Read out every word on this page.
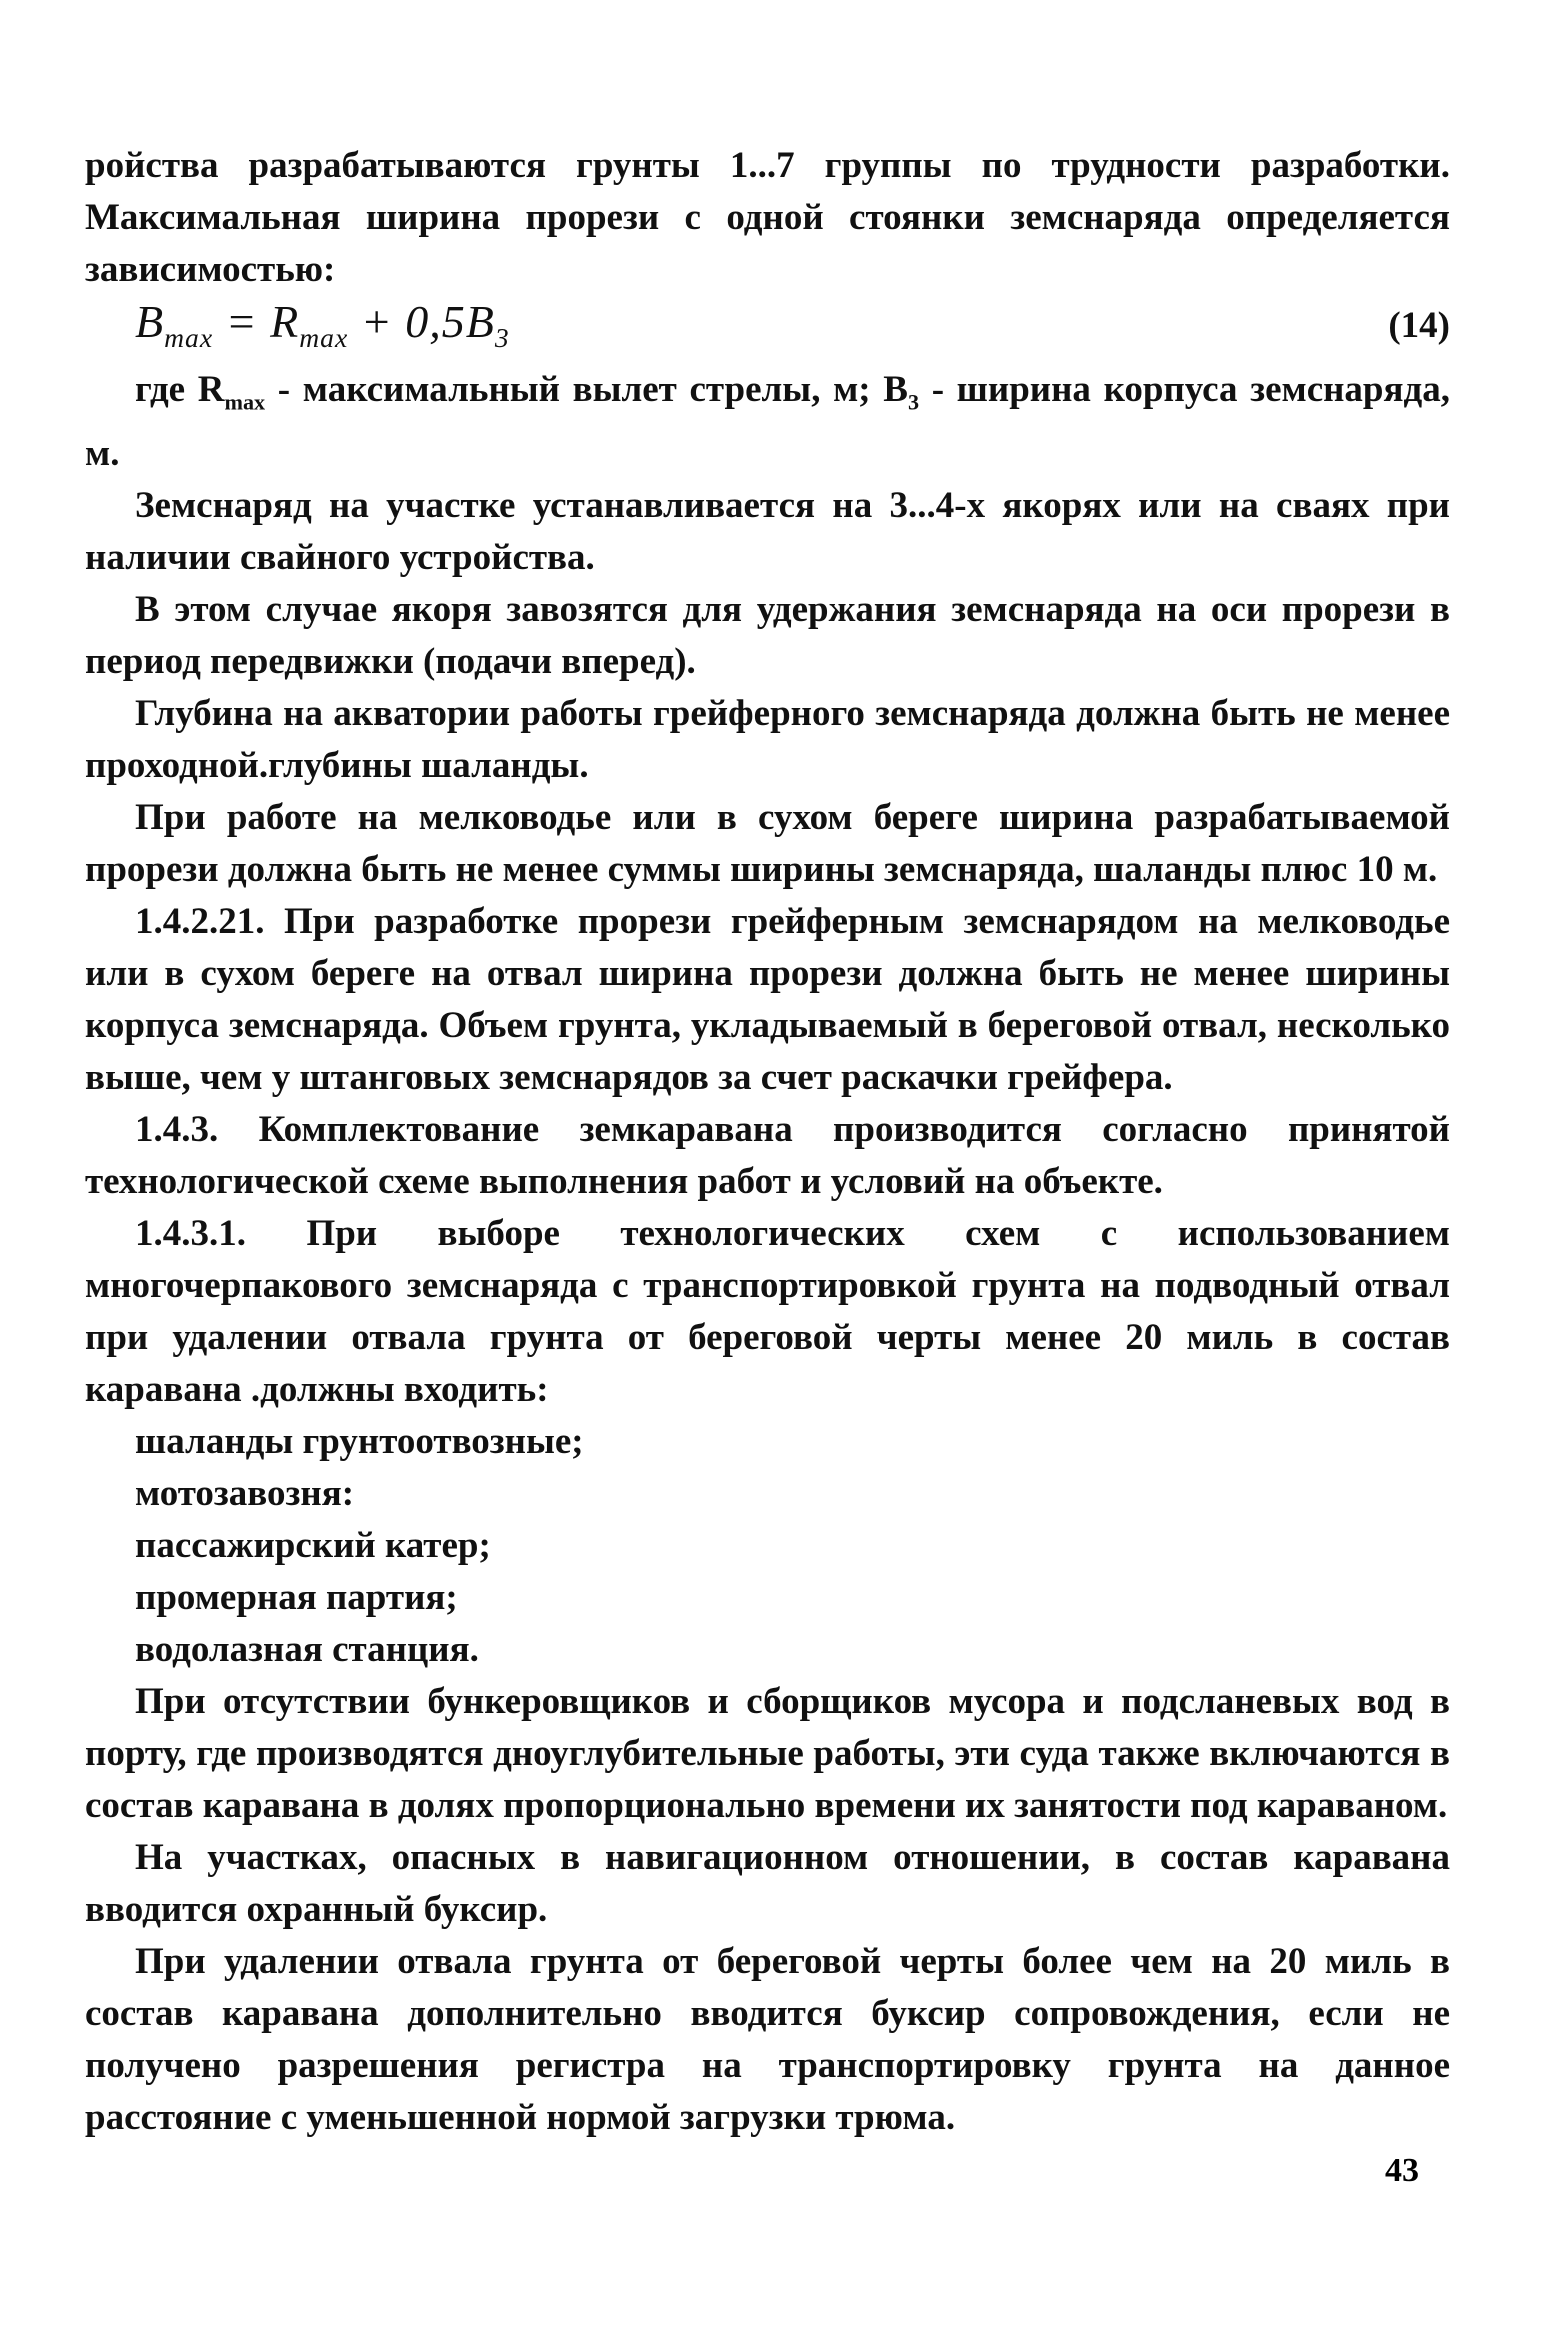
ройства разрабатываются грунты 1...7 группы по трудности разработки. Максимальная ширина прорези с одной стоянки земснаряда определяется зависимостью:

$B_{max} = R_{max} + 0,5B_3$	(14)

где $R_{max}$ - максимальный вылет стрелы, м; $B_3$ - ширина корпуса земснаряда, м.

Земснаряд на участке устанавливается на 3...4-х якорях или на сваях при наличии свайного устройства.

В этом случае якоря завозятся для удержания земснаряда на оси прорези в период передвижки (подачи вперед).

Глубина на акватории работы грейферного земснаряда должна быть не менее проходной.глубины шаланды.

При работе на мелководье или в сухом береге ширина разрабатываемой прорези должна быть не менее суммы ширины земснаряда, шаланды плюс 10 м.

1.4.2.21. При разработке прорези грейферным земснарядом на мелководье или в сухом береге на отвал ширина прорези должна быть не менее ширины корпуса земснаряда. Объем грунта, укладываемый в береговой отвал, несколько выше, чем у штанговых земснарядов за счет раскачки грейфера.

1.4.3. Комплектование земкаравана производится согласно принятой технологической схеме выполнения работ и условий на объекте.

1.4.3.1. При выборе технологических схем с использованием многочерпакового земснаряда с транспортировкой грунта на подводный отвал при удалении отвала грунта от береговой черты менее 20 миль в состав каравана .должны входить:

шаланды грунтоотвозные;
мотозавозня:
пассажирский катер;
промерная партия;
водолазная станция.

При отсутствии бункеровщиков и сборщиков мусора и подсланевых вод в порту, где производятся дноуглубительные работы, эти суда также включаются в состав каравана в долях пропорционально времени их занятости под караваном.

На участках, опасных в навигационном отношении, в состав каравана вводится охранный буксир.

При удалении отвала грунта от береговой черты более чем на 20 миль в состав каравана дополнительно вводится буксир сопровождения, если не получено разрешения регистра на транспортировку грунта на данное расстояние с уменьшенной нормой загрузки трюма.

43
